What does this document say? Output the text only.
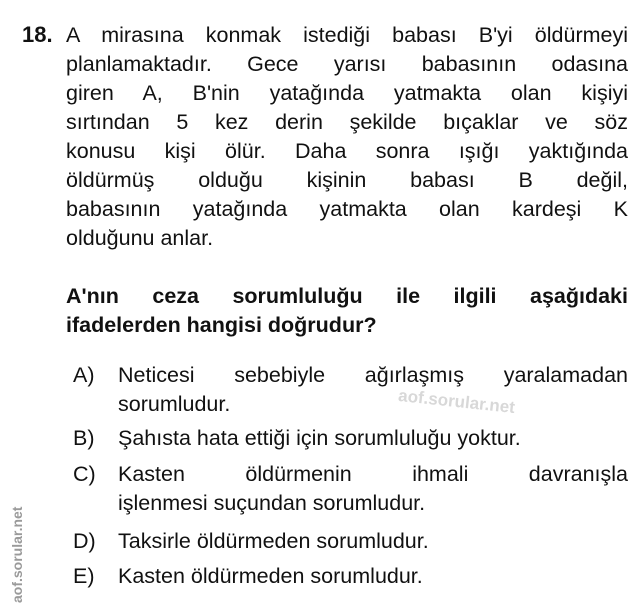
18. A mirasına konmak istediği babası B'yi öldürmeyi
planlamaktadır. Gece yarısı babasının odasına
giren A, B'nin yatağında yatmakta olan kişiyi
sırtından 5 kez derin şekilde bıçaklar ve söz
konusu kişi ölür. Daha sonra ışığı yaktığında
öldürmüş olduğu kişinin babası B değil,
babasının yatağında yatmakta olan kardeşi K
olduğunu anlar.
A'nın ceza sorumluluğu ile ilgili aşağıdaki
ifadelerden hangisi doğrudur?
A) Neticesi sebebiyle ağırlaşmış yaralamadan
sorumludur.
B) Şahısta hata ettiği için sorumluluğu yoktur.
C) Kasten öldürmenin ihmali davranışla
işlenmesi suçundan sorumludur.
D) Taksirle öldürmeden sorumludur.
E) Kasten öldürmeden sorumludur.
aof.sorular.net
aof.sorular.net
